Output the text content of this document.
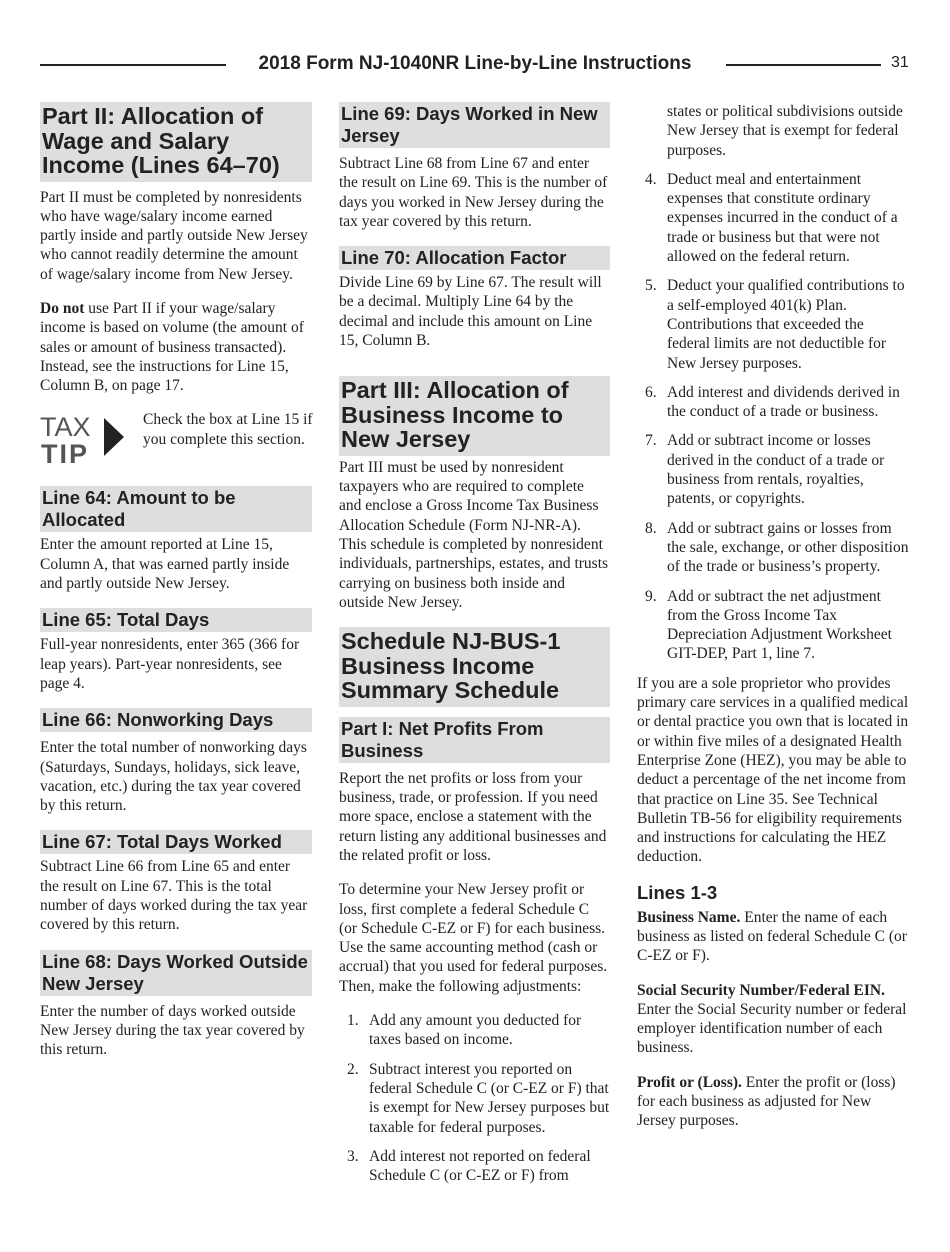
2018 Form NJ-1040NR Line-by-Line Instructions	31
Part II: Allocation of Wage and Salary Income (Lines 64–70)

Part II must be completed by nonresidents who have wage/salary income earned partly inside and partly outside New Jersey who cannot readily determine the amount of wage/salary income from New Jersey.

Do not use Part II if your wage/salary income is based on volume (the amount of sales or amount of business transacted). Instead, see the instructions for Line 15, Column B, on page 17.

TAX
TIP
Check the box at Line 15 if you complete this section.
Line 64: Amount to be Allocated

Enter the amount reported at Line 15, Column A, that was earned partly inside and partly outside New Jersey.

Line 65: Total Days

Full-year nonresidents, enter 365 (366 for leap years). Part-year nonresidents, see page 4.

Line 66: Nonworking Days

Enter the total number of nonworking days (Saturdays, Sundays, holidays, sick leave, vacation, etc.) during the tax year covered by this return.

Line 67: Total Days Worked

Subtract Line 66 from Line 65 and enter the result on Line 67. This is the total number of days worked during the tax year covered by this return.

Line 68: Days Worked Outside New Jersey

Enter the number of days worked outside New Jersey during the tax year covered by this return.

Line 69: Days Worked in New Jersey

Subtract Line 68 from Line 67 and enter the result on Line 69. This is the number of days you worked in New Jersey during the tax year covered by this return.

Line 70: Allocation Factor

Divide Line 69 by Line 67. The result will be a decimal. Multiply Line 64 by the decimal and include this amount on Line 15, Column B.

Part III: Allocation of Business Income to New Jersey

Part III must be used by nonresident taxpayers who are required to complete and enclose a Gross Income Tax Business Allocation Schedule (Form NJ-NR-A). This schedule is completed by nonresident individuals, partnerships, estates, and trusts carrying on business both inside and outside New Jersey.

Schedule NJ-BUS-1 Business Income Summary Schedule
Part I: Net Profits From Business

Report the net profits or loss from your business, trade, or profession. If you need more space, enclose a statement with the return listing any additional businesses and the related profit or loss.

To determine your New Jersey profit or loss, first complete a federal Schedule C (or Schedule C-EZ or F) for each business. Use the same accounting method (cash or accrual) that you used for federal purposes. Then, make the following adjustments:

1. Add any amount you deducted for taxes based on income.
2. Subtract interest you reported on federal Schedule C (or C-EZ or F) that is exempt for New Jersey purposes but taxable for federal purposes.
3. Add interest not reported on federal Schedule C (or C-EZ or F) from

states or political subdivisions outside New Jersey that is exempt for federal purposes.

4. Deduct meal and entertainment expenses that constitute ordinary expenses incurred in the conduct of a trade or business but that were not allowed on the federal return.
5. Deduct your qualified contributions to a self-employed 401(k) Plan. Contributions that exceeded the federal limits are not deductible for New Jersey purposes.
6. Add interest and dividends derived in the conduct of a trade or business.
7. Add or subtract income or losses derived in the conduct of a trade or business from rentals, royalties, patents, or copyrights.
8. Add or subtract gains or losses from the sale, exchange, or other disposition of the trade or business’s property.
9. Add or subtract the net adjustment from the Gross Income Tax Depreciation Adjustment Worksheet GIT-DEP, Part 1, line 7.

If you are a sole proprietor who provides primary care services in a qualified medical or dental practice you own that is located in or within five miles of a designated Health Enterprise Zone (HEZ), you may be able to deduct a percentage of the net income from that practice on Line 35. See Technical Bulletin TB-56 for eligibility requirements and instructions for calculating the HEZ deduction.

Lines 1-3

Business Name. Enter the name of each business as listed on federal Schedule C (or C-EZ or F).

Social Security Number/Federal EIN. Enter the Social Security number or federal employer identification number of each business.

Profit or (Loss). Enter the profit or (loss) for each business as adjusted for New Jersey purposes.
